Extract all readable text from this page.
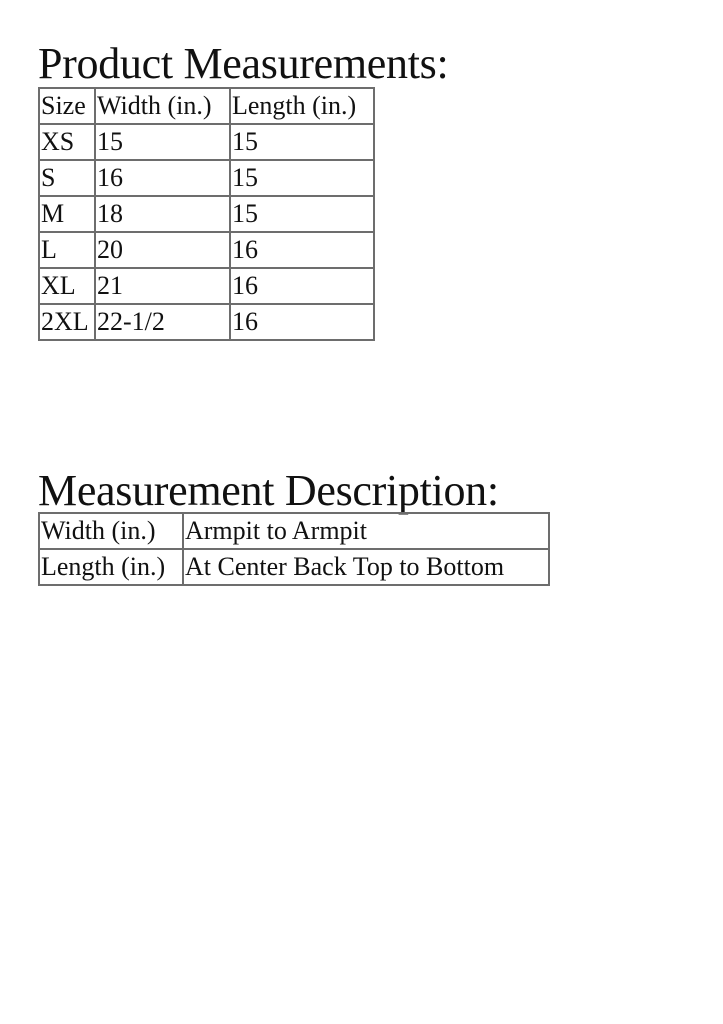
Product Measurements:
Size	Width (in.)	Length (in.)
XS	15	15
S	16	15
M	18	15
L	20	16
XL	21	16
2XL	22-1/2	16
Measurement Description:
Width (in.)	Armpit to Armpit
Length (in.)	At Center Back Top to Bottom
